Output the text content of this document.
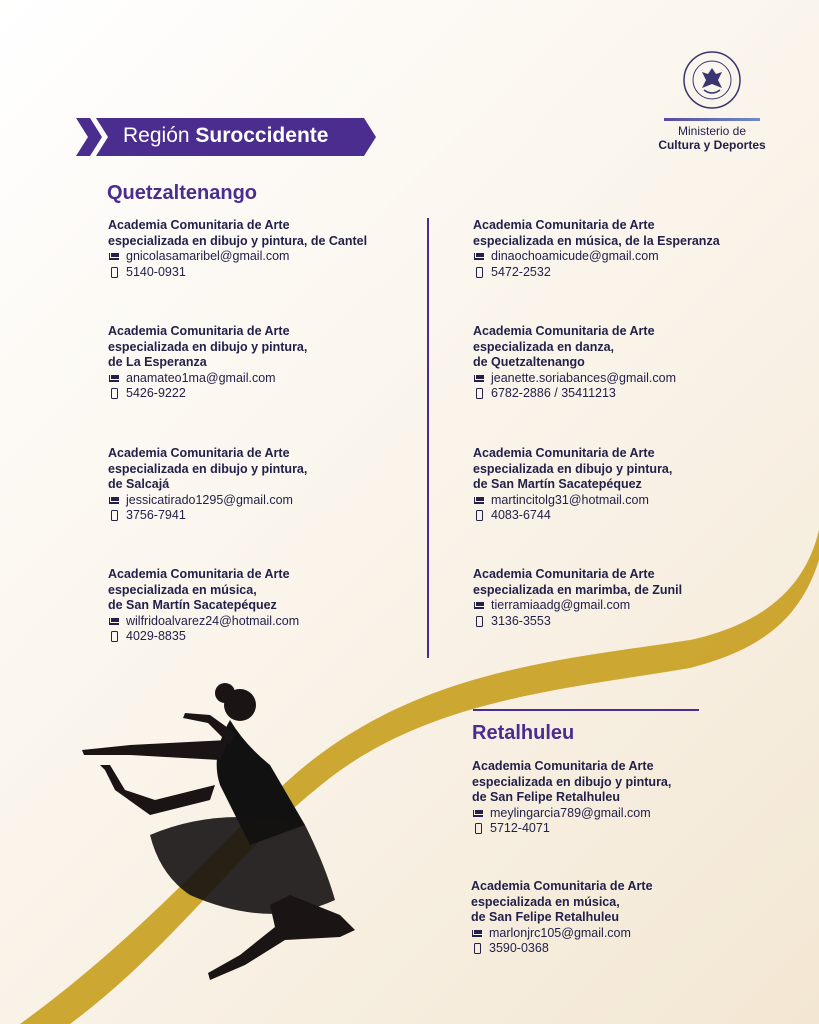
Región Suroccidente	Ministerio de
Cultura y Deportes
Quetzaltenango
Academia Comunitaria de Arte
especializada en dibujo y pintura, de Cantel
gnicolasamaribel@gmail.com
5140-0931
Academia Comunitaria de Arte
especializada en dibujo y pintura,
de La Esperanza
anamateo1ma@gmail.com
5426-9222
Academia Comunitaria de Arte
especializada en dibujo y pintura,
de Salcajá
jessicatirado1295@gmail.com
3756-7941
Academia Comunitaria de Arte
especializada en música,
de San Martín Sacatepéquez
wilfridoalvarez24@hotmail.com
4029-8835
Academia Comunitaria de Arte
especializada en música, de la Esperanza
dinaochoamicude@gmail.com
5472-2532
Academia Comunitaria de Arte
especializada en danza,
de Quetzaltenango
jeanette.soriabances@gmail.com
6782-2886 / 35411213
Academia Comunitaria de Arte
especializada en dibujo y pintura,
de San Martín Sacatepéquez
martincitolg31@hotmail.com
4083-6744
Academia Comunitaria de Arte
especializada en marimba, de Zunil
tierramiaadg@gmail.com
3136-3553
Retalhuleu
Academia Comunitaria de Arte
especializada en dibujo y pintura,
de San Felipe Retalhuleu
meylingarcia789@gmail.com
5712-4071
Academia Comunitaria de Arte
especializada en música,
de San Felipe Retalhuleu
marlonjrc105@gmail.com
3590-0368
